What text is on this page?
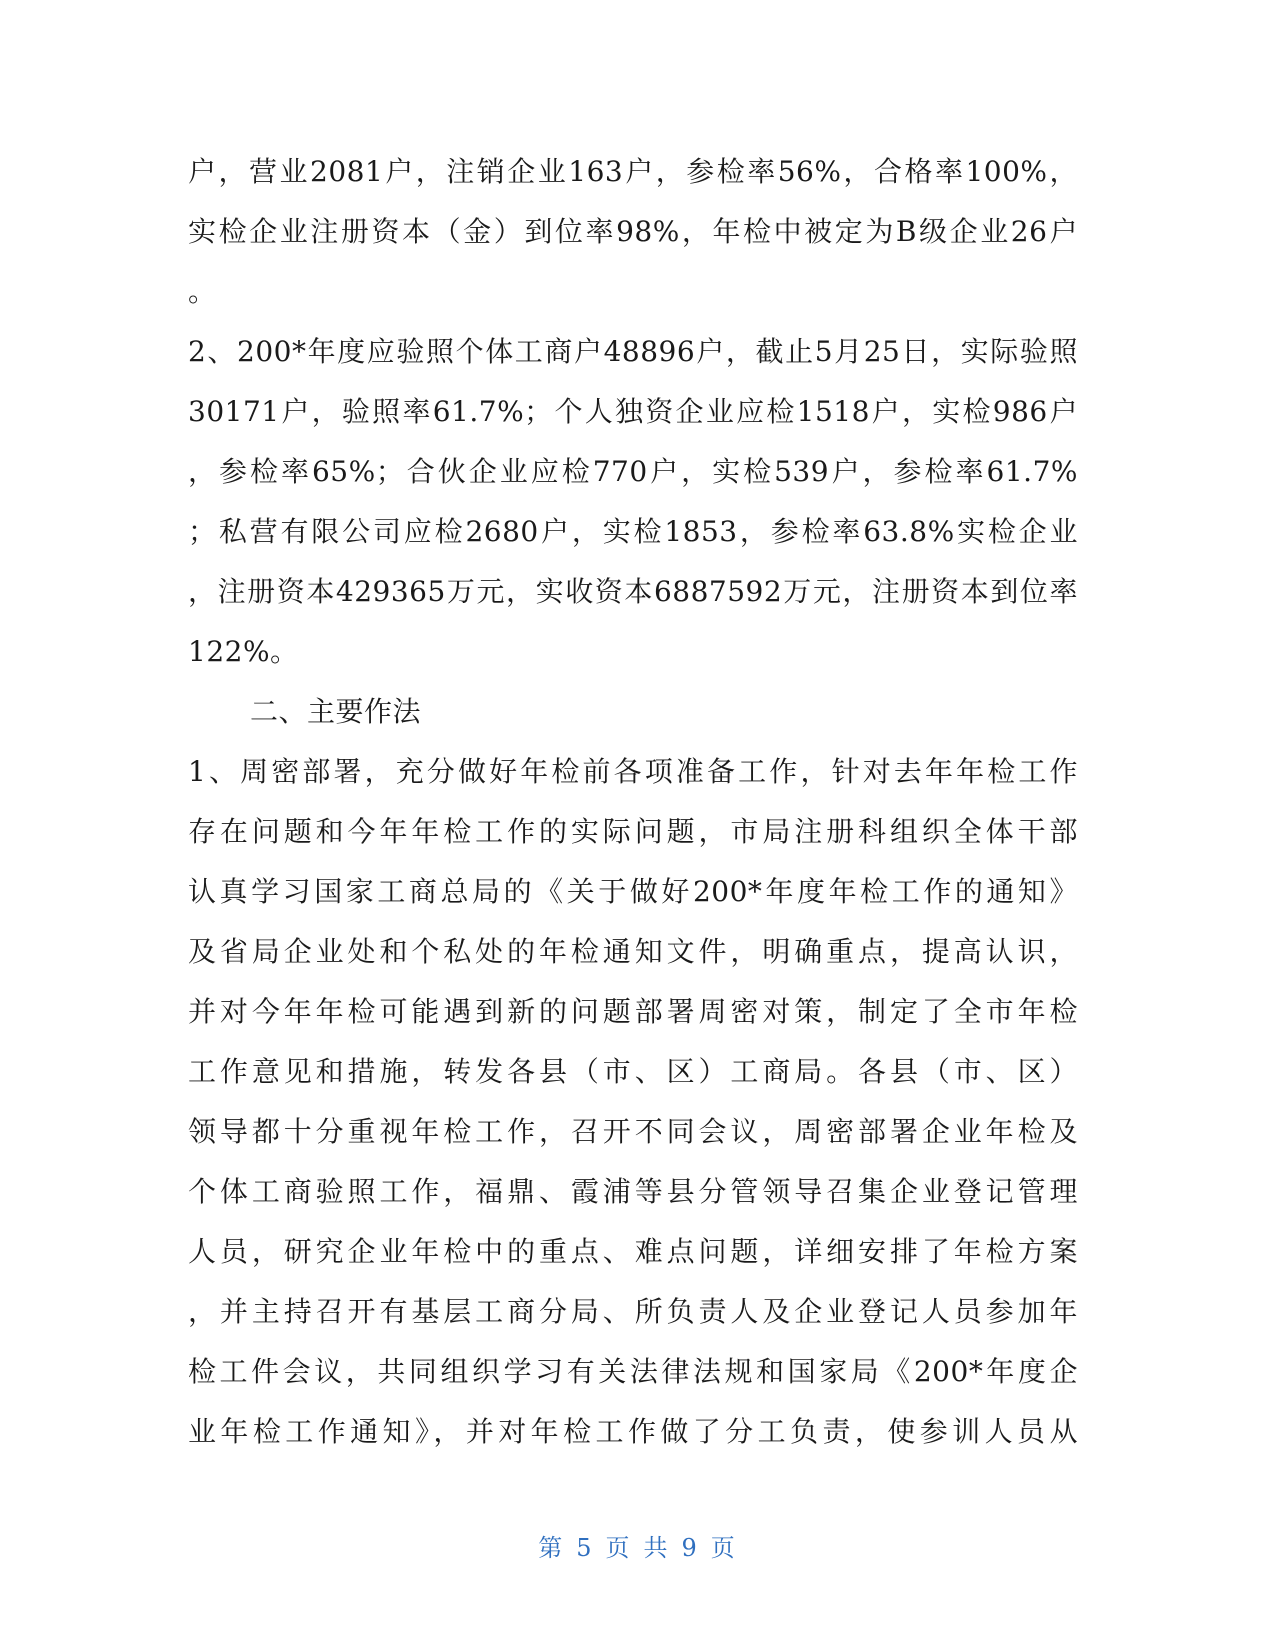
户，营业2081户，注销企业163户，参检率56%，合格率100%，
实检企业注册资本（金）到位率98%，年检中被定为B级企业26户
。
2、200*年度应验照个体工商户48896户，截止5月25日，实际验照
30171户，验照率61.7%；个人独资企业应检1518户，实检986户
，参检率65%；合伙企业应检770户，实检539户，参检率61.7%
；私营有限公司应检2680户，实检1853，参检率63.8%实检企业
，注册资本429365万元，实收资本6887592万元，注册资本到位率
122%。
二、主要作法
1、周密部署，充分做好年检前各项准备工作，针对去年年检工作
存在问题和今年年检工作的实际问题，市局注册科组织全体干部
认真学习国家工商总局的《关于做好200*年度年检工作的通知》
及省局企业处和个私处的年检通知文件，明确重点，提高认识，
并对今年年检可能遇到新的问题部署周密对策，制定了全市年检
工作意见和措施，转发各县（市、区）工商局。各县（市、区）
领导都十分重视年检工作，召开不同会议，周密部署企业年检及
个体工商验照工作，福鼎、霞浦等县分管领导召集企业登记管理
人员，研究企业年检中的重点、难点问题，详细安排了年检方案
，并主持召开有基层工商分局、所负责人及企业登记人员参加年
检工件会议，共同组织学习有关法律法规和国家局《200*年度企
业年检工作通知》，并对年检工作做了分工负责，使参训人员从
第 5 页 共 9 页
